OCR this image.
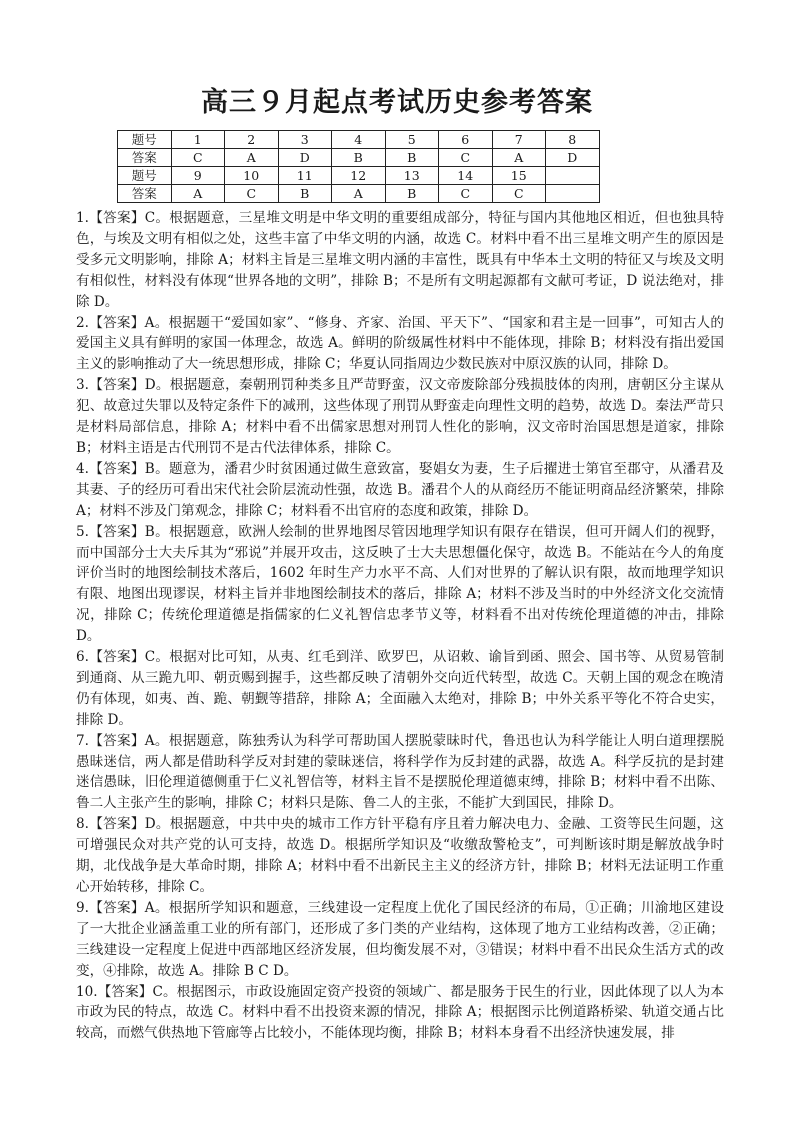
高三９月起点考试历史参考答案
题号	1	2	3	4	5	6	7	8
答案	C	A	D	B	B	C	A	D
题号	9	10	11	12	13	14	15	
答案	A	C	B	A	B	C	C	

1.【答案】C。根据题意，三星堆文明是中华文明的重要组成部分，特征与国内其他地区相近，但也独具特色，与埃及文明有相似之处，这些丰富了中华文明的内涵，故选 C。材料中看不出三星堆文明产生的原因是受多元文明影响，排除 A；材料主旨是三星堆文明内涵的丰富性，既具有中华本土文明的特征又与埃及文明有相似性，材料没有体现“世界各地的文明”，排除 B；不是所有文明起源都有文献可考证，D 说法绝对，排除 D。

2.【答案】A。根据题干“爱国如家”、“修身、齐家、治国、平天下”、“国家和君主是一回事”，可知古人的爱国主义具有鲜明的家国一体理念，故选 A。鲜明的阶级属性材料中不能体现，排除 B；材料没有指出爱国主义的影响推动了大一统思想形成，排除 C；华夏认同指周边少数民族对中原汉族的认同，排除 D。

3.【答案】D。根据题意，秦朝刑罚种类多且严苛野蛮，汉文帝废除部分残损肢体的肉刑，唐朝区分主谋从犯、故意过失罪以及特定条件下的减刑，这些体现了刑罚从野蛮走向理性文明的趋势，故选 D。秦法严苛只是材料局部信息，排除 A；材料中看不出儒家思想对刑罚人性化的影响，汉文帝时治国思想是道家，排除 B；材料主语是古代刑罚不是古代法律体系，排除 C。

4.【答案】B。题意为，潘君少时贫困通过做生意致富，娶娼女为妻，生子后擢进士第官至郡守，从潘君及其妻、子的经历可看出宋代社会阶层流动性强，故选 B。潘君个人的从商经历不能证明商品经济繁荣，排除 A；材料不涉及门第观念，排除 C；材料看不出官府的态度和政策，排除 D。

5.【答案】B。根据题意，欧洲人绘制的世界地图尽管因地理学知识有限存在错误，但可开阔人们的视野，而中国部分士大夫斥其为“邪说”并展开攻击，这反映了士大夫思想僵化保守，故选 B。不能站在今人的角度评价当时的地图绘制技术落后，1602 年时生产力水平不高、人们对世界的了解认识有限，故而地理学知识有限、地图出现谬误，材料主旨并非地图绘制技术的落后，排除 A；材料不涉及当时的中外经济文化交流情况，排除 C；传统伦理道德是指儒家的仁义礼智信忠孝节义等，材料看不出对传统伦理道德的冲击，排除 D。

6.【答案】C。根据对比可知，从夷、红毛到洋、欧罗巴，从诏敕、谕旨到函、照会、国书等、从贸易管制到通商、从三跪九叩、朝贡赐到握手，这些都反映了清朝外交向近代转型，故选 C。天朝上国的观念在晚清仍有体现，如夷、酋、跪、朝觐等措辞，排除 A；全面融入太绝对，排除 B；中外关系平等化不符合史实，排除 D。

7.【答案】A。根据题意，陈独秀认为科学可帮助国人摆脱蒙昧时代，鲁迅也认为科学能让人明白道理摆脱愚昧迷信，两人都是借助科学反对封建的蒙昧迷信，将科学作为反封建的武器，故选 A。科学反抗的是封建迷信愚昧，旧伦理道德侧重于仁义礼智信等，材料主旨不是摆脱伦理道德束缚，排除 B；材料中看不出陈、鲁二人主张产生的影响，排除 C；材料只是陈、鲁二人的主张，不能扩大到国民，排除 D。

8.【答案】D。根据题意，中共中央的城市工作方针平稳有序且着力解决电力、金融、工资等民生问题，这可增强民众对共产党的认可支持，故选 D。根据所学知识及“收缴敌警枪支”，可判断该时期是解放战争时期，北伐战争是大革命时期，排除 A；材料中看不出新民主主义的经济方针，排除 B；材料无法证明工作重心开始转移，排除 C。

9.【答案】A。根据所学知识和题意，三线建设一定程度上优化了国民经济的布局，①正确；川渝地区建设了一大批企业涵盖重工业的所有部门，还形成了多门类的产业结构，这体现了地方工业结构改善，②正确；三线建设一定程度上促进中西部地区经济发展，但均衡发展不对，③错误；材料中看不出民众生活方式的改变，④排除，故选 A。排除 B C D。

10.【答案】C。根据图示，市政设施固定资产投资的领域广、都是服务于民生的行业，因此体现了以人为本市政为民的特点，故选 C。材料中看不出投资来源的情况，排除 A；根据图示比例道路桥梁、轨道交通占比较高，而燃气供热地下管廊等占比较小，不能体现均衡，排除 B；材料本身看不出经济快速发展，排
